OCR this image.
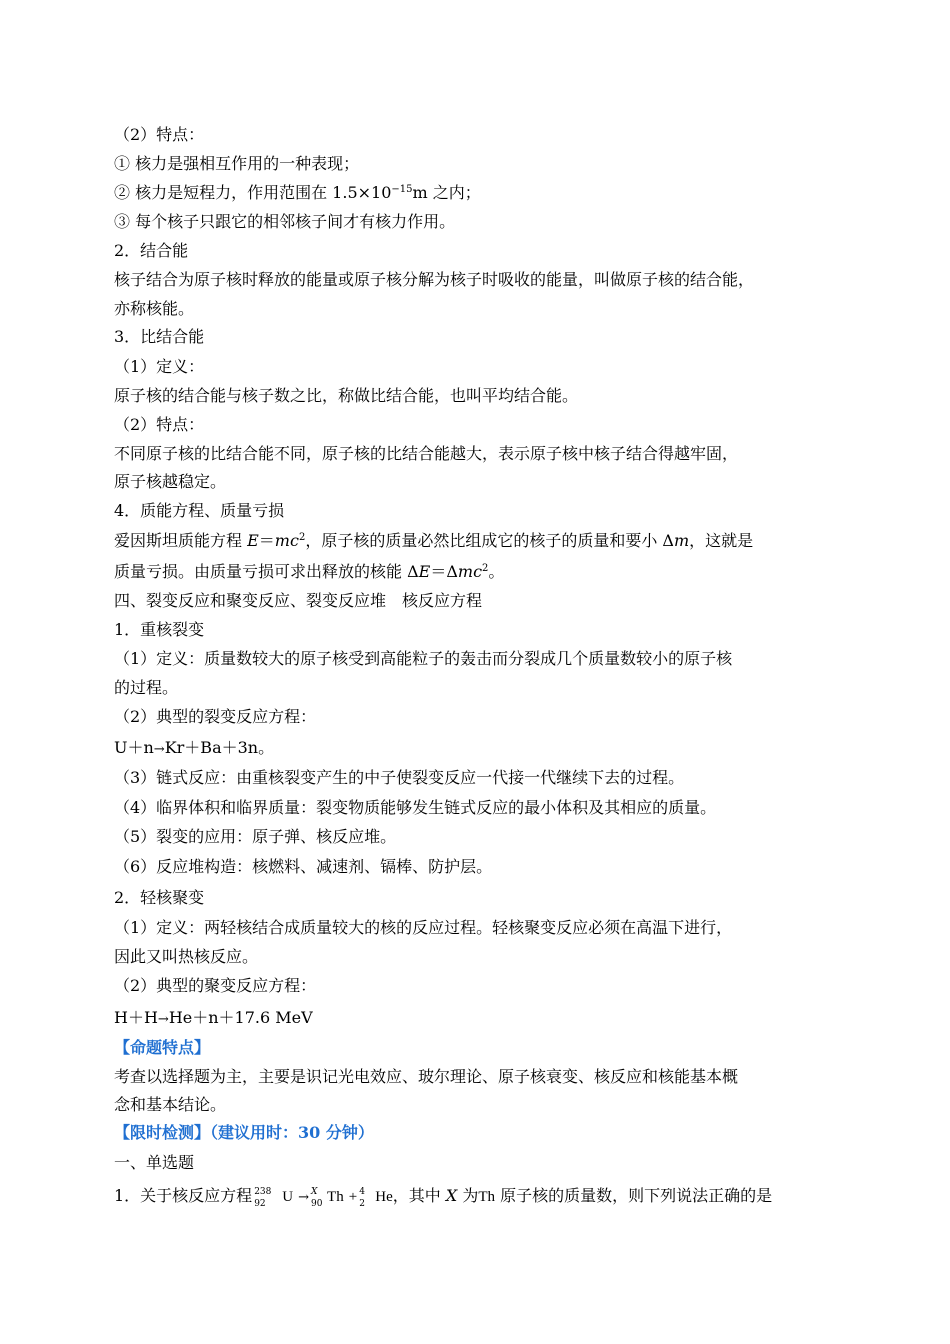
（2）特点：
① 核力是强相互作用的一种表现；
② 核力是短程力，作用范围在 $1.5\times 10^{-15}m$ 之内；
③ 每个核子只跟它的相邻核子间才有核力作用。
2．结合能
核子结合为原子核时释放的能量或原子核分解为核子时吸收的能量，叫做原子核的结合能，
亦称核能。
3．比结合能
（1）定义：
原子核的结合能与核子数之比，称做比结合能，也叫平均结合能。
（2）特点：
不同原子核的比结合能不同，原子核的比结合能越大，表示原子核中核子结合得越牢固，
原子核越稳定。
4．质能方程、质量亏损
爱因斯坦质能方程 $E=mc^2$，原子核的质量必然比组成它的核子的质量和要小 Δm，这就是
质量亏损。由质量亏损可求出释放的核能 ΔE＝Δmc$^2$。
四、裂变反应和聚变反应、裂变反应堆　核反应方程
1．重核裂变
（1）定义：质量数较大的原子核受到高能粒子的轰击而分裂成几个质量数较小的原子核
的过程。
（2）典型的裂变反应方程：
U＋n→Kr＋Ba＋3n。
（3）链式反应：由重核裂变产生的中子使裂变反应一代接一代继续下去的过程。
（4）临界体积和临界质量：裂变物质能够发生链式反应的最小体积及其相应的质量。
（5）裂变的应用：原子弹、核反应堆。
（6）反应堆构造：核燃料、减速剂、镉棒、防护层。
2．轻核聚变
（1）定义：两轻核结合成质量较大的核的反应过程。轻核聚变反应必须在高温下进行，
因此又叫热核反应。
（2）典型的聚变反应方程：
H＋H→He＋n＋17.6 MeV
【命题特点】
考查以选择题为主，主要是识记光电效应、玻尔理论、原子核衰变、核反应和核能基本概
念和基本结论。
【限时检测】（建议用时：30 分钟）
一、单选题
1．关于核反应方程 238
92 U → X
90 Th + 4
2 He，其中 X 为Th 原子核的质量数，则下列说法正确的是
